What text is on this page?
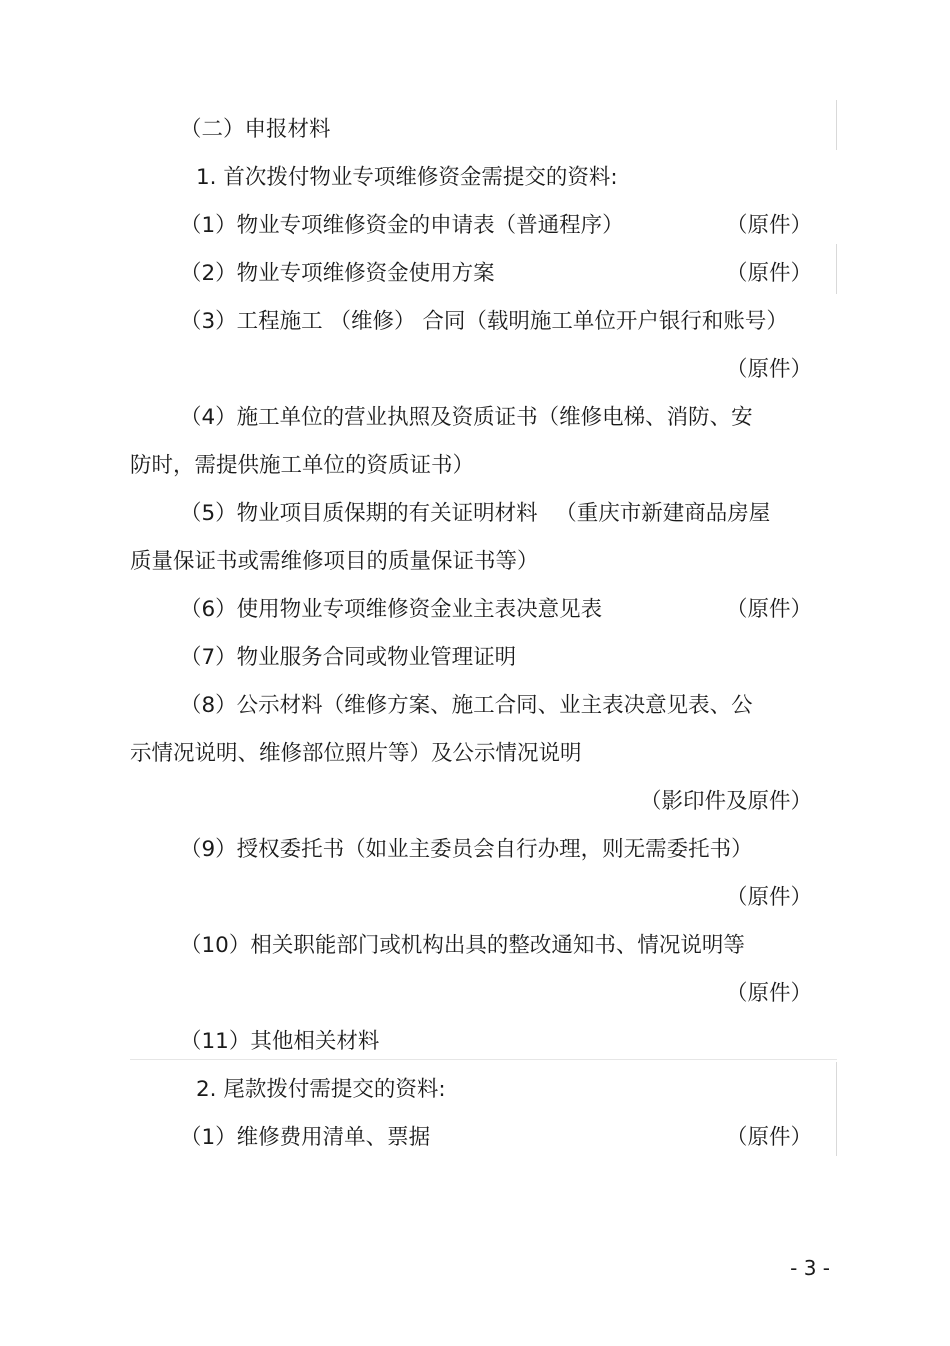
（二）申报材料
1. 首次拨付物业专项维修资金需提交的资料:
（1）物业专项维修资金的申请表（普通程序）	（原件）
（2）物业专项维修资金使用方案	（原件）
（3）工程施工 （维修） 合同（载明施工单位开户银行和账号）
（原件）
（4）施工单位的营业执照及资质证书（维修电梯、消防、安
防时，需提供施工单位的资质证书）
（5）物业项目质保期的有关证明材料 　（重庆市新建商品房屋
质量保证书或需维修项目的质量保证书等）
（6）使用物业专项维修资金业主表决意见表	（原件）
（7）物业服务合同或物业管理证明
（8）公示材料（维修方案、施工合同、业主表决意见表、公
示情况说明、维修部位照片等）及公示情况说明
（影印件及原件）
（9）授权委托书（如业主委员会自行办理，则无需委托书）
（原件）
（10）相关职能部门或机构出具的整改通知书、情况说明等
（原件）
（11）其他相关材料
2. 尾款拨付需提交的资料:
（1）维修费用清单、票据	（原件）
- 3 -
